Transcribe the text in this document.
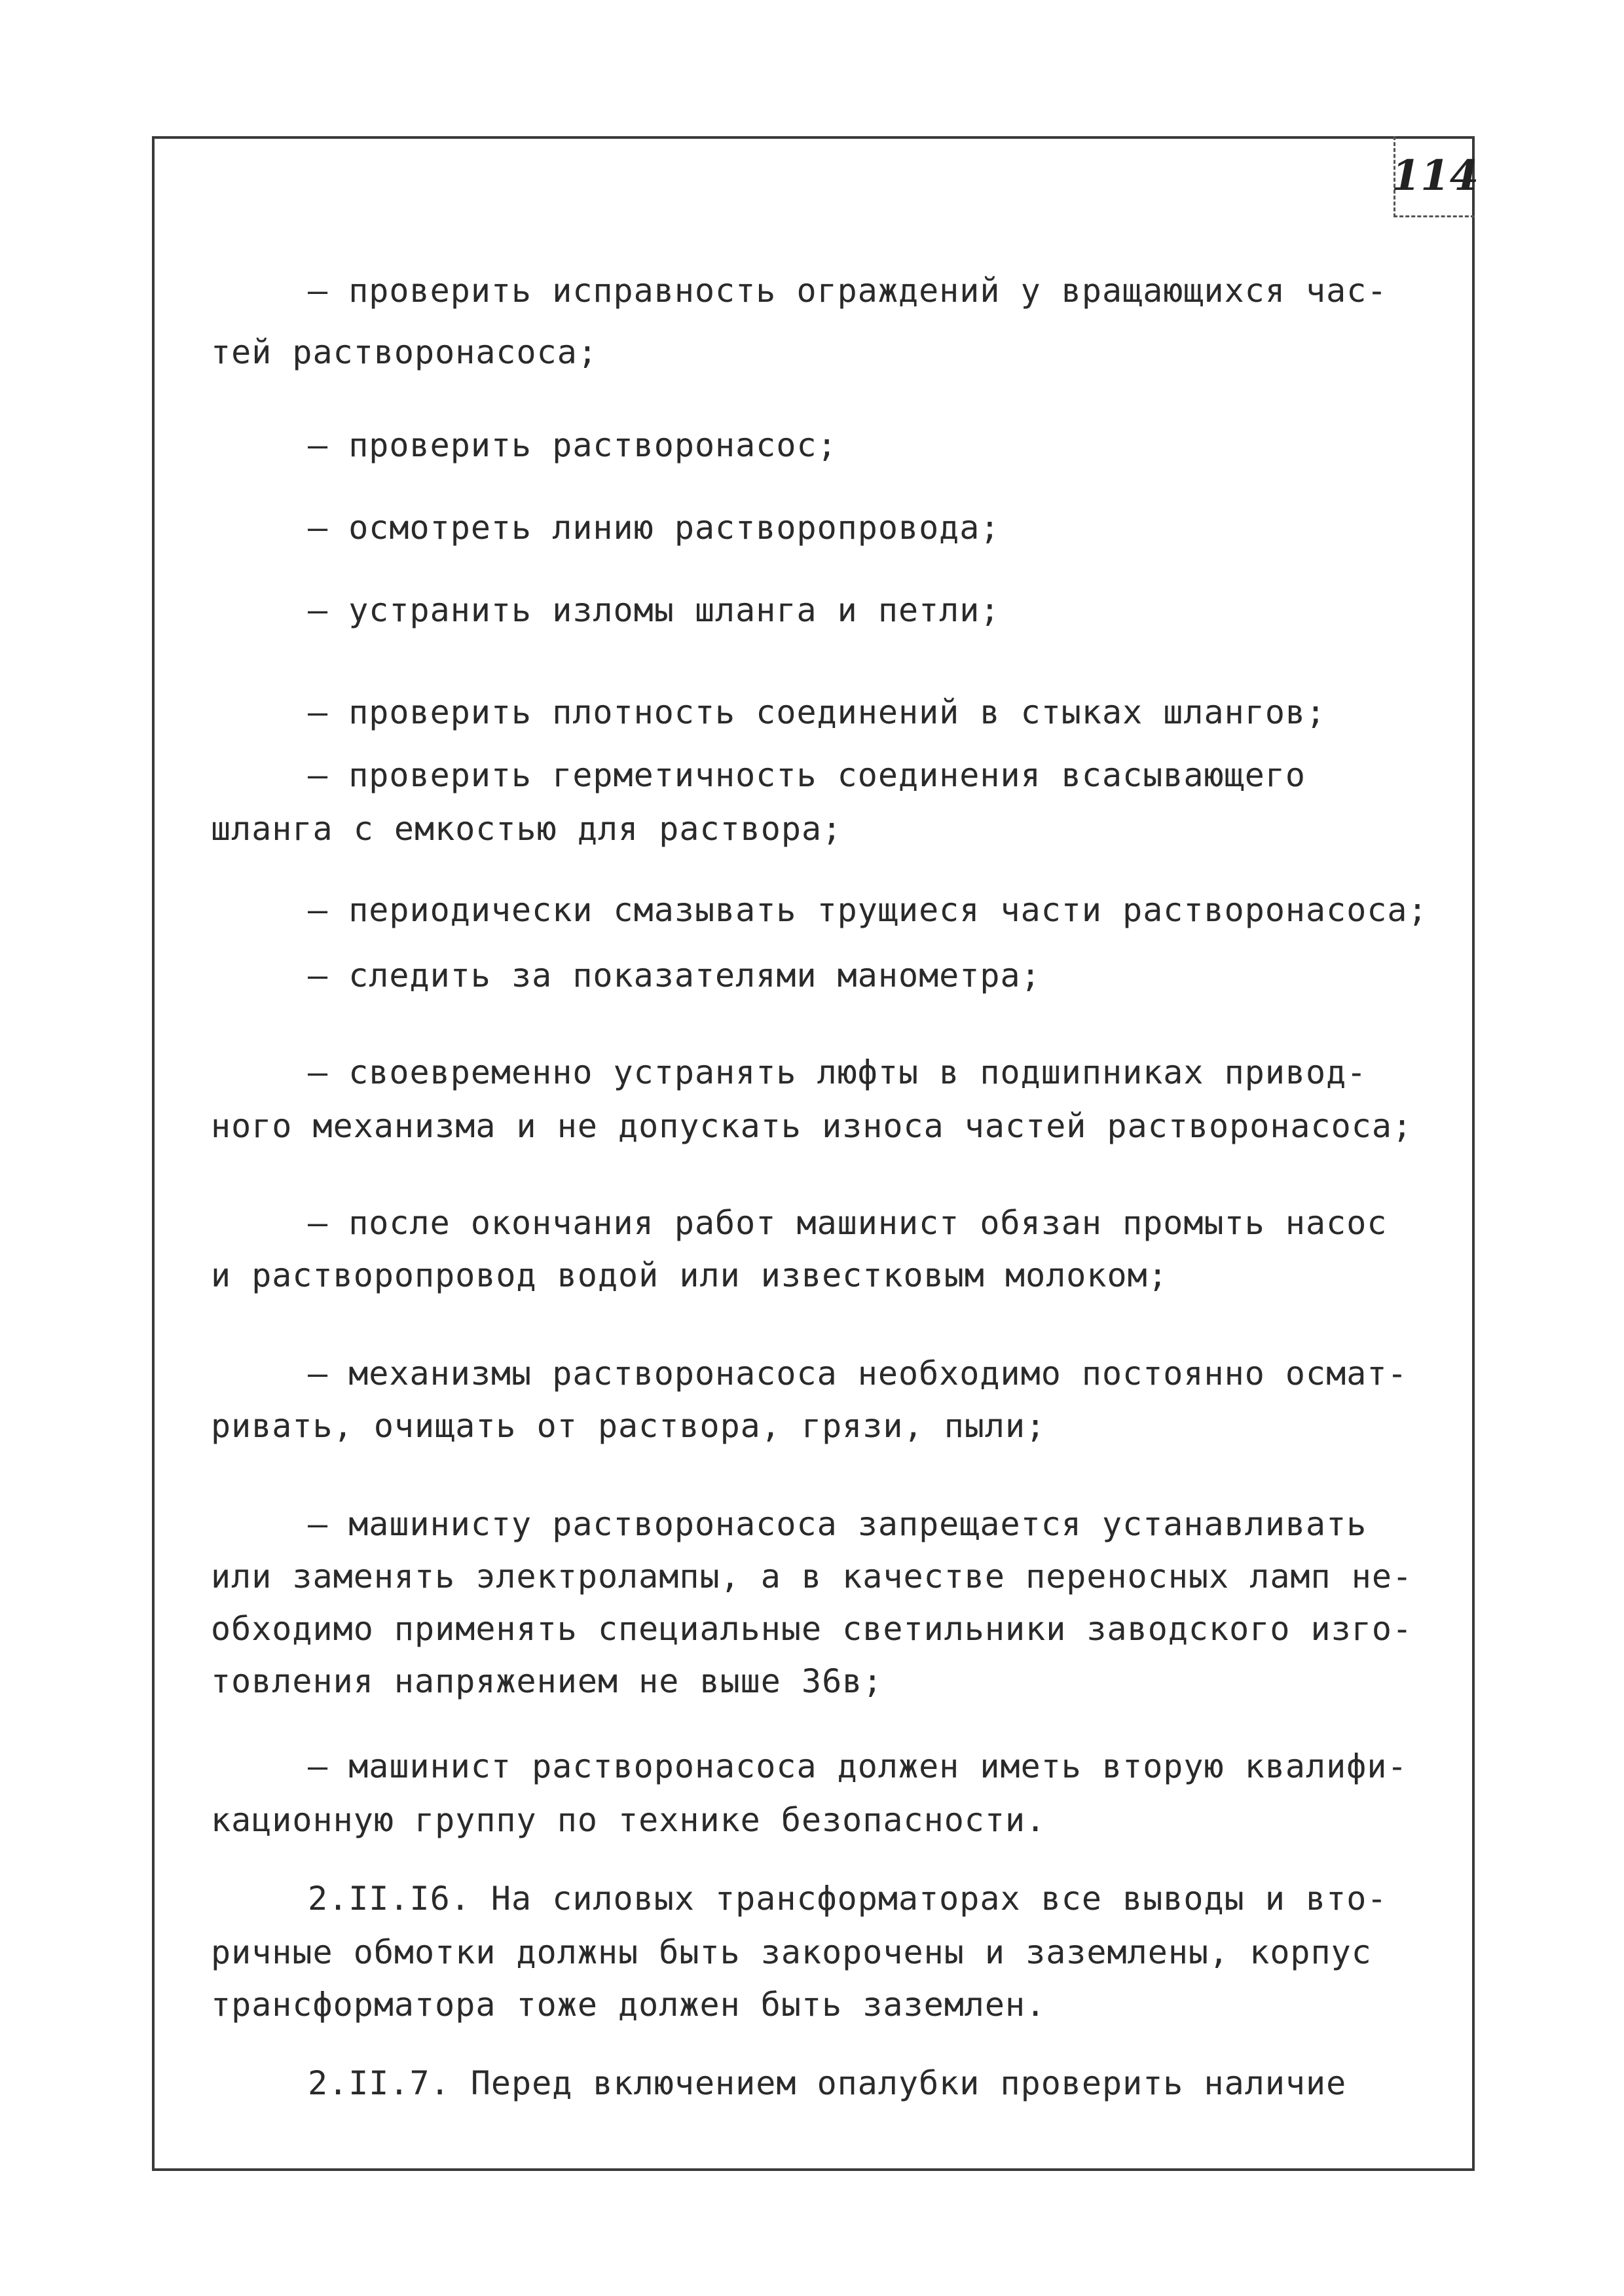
114
– проверить исправность ограждений у вращающихся час-
тей растворонасоса;
– проверить растворонасос;
– осмотреть линию растворопровода;
– устранить изломы шланга и петли;
– проверить плотность соединений в стыках шлангов;
– проверить герметичность соединения всасывающего
шланга с емкостью для раствора;
– периодически смазывать трущиеся части растворонасоса;
– следить за показателями манометра;
– своевременно устранять люфты в подшипниках привод-
ного механизма и не допускать износа частей растворонасоса;
– после окончания работ машинист обязан промыть насос
и растворопровод водой или известковым молоком;
– механизмы растворонасоса необходимо постоянно осмат-
ривать, очищать от раствора, грязи, пыли;
– машинисту растворонасоса запрещается устанавливать
или заменять электролампы, а в качестве переносных ламп не-
обходимо применять специальные светильники заводского изго-
товления напряжением не выше 36в;
– машинист растворонасоса должен иметь вторую квалифи-
кационную группу по технике безопасности.
2.II.I6. На силовых трансформаторах все выводы и вто-
ричные обмотки должны быть закорочены и заземлены, корпус
трансформатора тоже должен быть заземлен.
2.II.7. Перед включением опалубки проверить наличие
